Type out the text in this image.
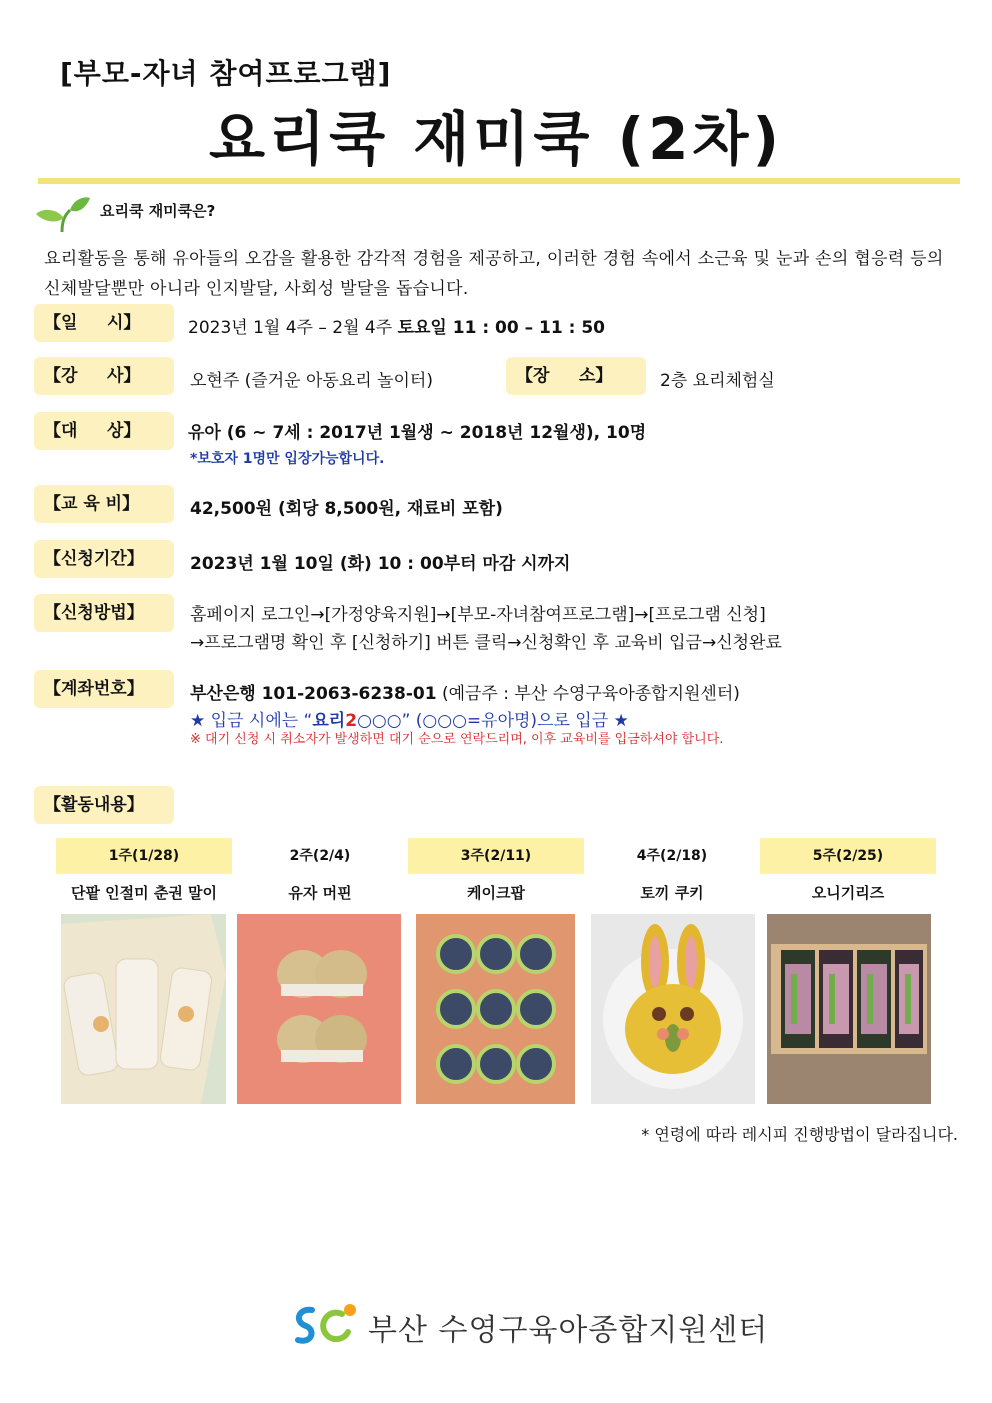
[부모-자녀 참여프로그램]
요리쿡 재미쿡 (2차)
요리쿡 재미쿡은?
요리활동을 통해 유아들의 오감을 활용한 감각적 경험을 제공하고, 이러한 경험 속에서 소근육 및 눈과 손의 협응력 등의 신체발달뿐만 아니라 인지발달, 사회성 발달을 돕습니다.
【일     시】	2023년 1월 4주 – 2월 4주 토요일 11 : 00 – 11 : 50
【강     사】	오현주 (즐거운 아동요리 놀이터)	【장     소】	2층 요리체험실
【대     상】	유아 (6 ~ 7세 : 2017년 1월생 ~ 2018년 12월생), 10명
*보호자 1명만 입장가능합니다.
【교 육 비】	42,500원 (회당 8,500원, 재료비 포함)
【신청기간】	2023년 1월 10일 (화) 10 : 00부터 마감 시까지
【신청방법】	홈페이지 로그인→[가정양육지원]→[부모-자녀참여프로그램]→[프로그램 신청]
→프로그램명 확인 후 [신청하기] 버튼 클릭→신청확인 후 교육비 입금→신청완료
【계좌번호】	부산은행 101-2063-6238-01 (예금주 : 부산 수영구육아종합지원센터)
★ 입금 시에는 “요리2○○○” (○○○=유아명)으로 입금 ★
※ 대기 신청 시 취소자가 발생하면 대기 순으로 연락드리며, 이후 교육비를 입금하셔야 합니다.
【활동내용】
1주(1/28)	2주(2/4)	3주(2/11)	4주(2/18)	5주(2/25)
단팥 인절미 춘권 말이	유자 머핀	케이크팝	토끼 쿠키	오니기리즈
* 연령에 따라 레시피 진행방법이 달라집니다.
부산 수영구육아종합지원센터
